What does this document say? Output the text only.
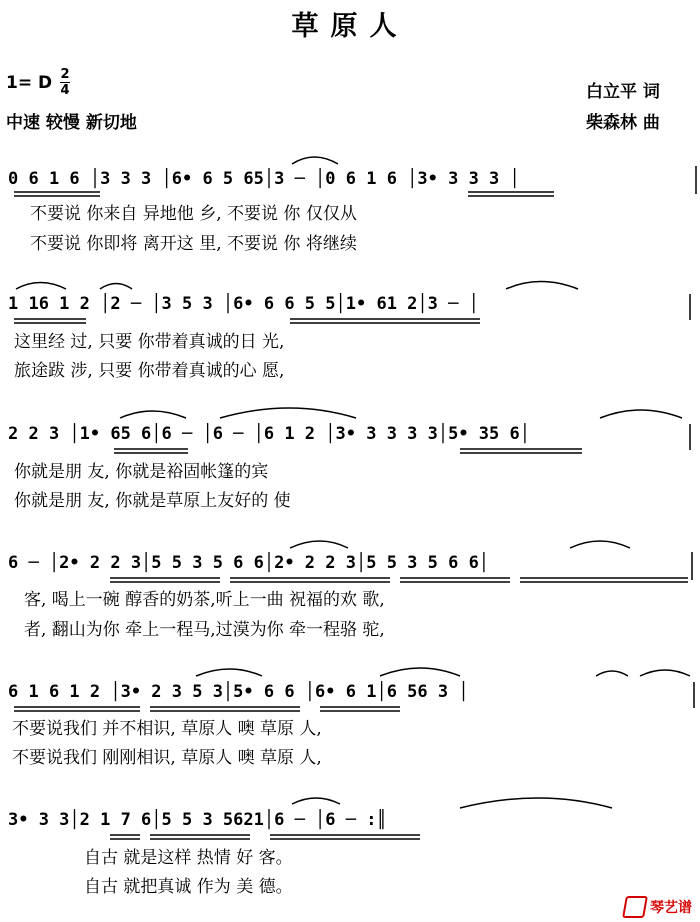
草原人
1= D 2
4
中速 较慢 新切地
白立平 词
柴森林 曲
0 6 1 6 │3 3 3 │6• 6 5 65│3 ─ │0 6 1 6 │3• 3 3 3 │
不要说 你来自 异地他 乡, 不要说 你 仅仅从
不要说 你即将 离开这 里, 不要说 你 将继续
1 16 1 2 │2 ─ │3 5 3 │6• 6 6 5 5│1• 61 2│3 ─ │
这里经 过, 只要 你带着真诚的日 光,
旅途跋 涉, 只要 你带着真诚的心 愿,
2 2 3 │1• 65 6│6 ─ │6 ─ │6 1 2 │3• 3 3 3 3│5• 35 6│
你就是朋 友, 你就是裕固帐篷的宾
你就是朋 友, 你就是草原上友好的 使
6 ─ │2• 2 2 3│5 5 3 5 6 6│2• 2 2 3│5 5 3 5 6 6│
客, 喝上一碗 醇香的奶茶,听上一曲 祝福的欢 歌,
者, 翻山为你 牵上一程马,过漠为你 牵一程骆 驼,
6 1 6 1 2 │3• 2 3 5 3│5• 6 6 │6• 6 1│6 56 3 │
不要说我们 并不相识, 草原人 噢 草原 人,
不要说我们 刚刚相识, 草原人 噢 草原 人,
3• 3 3│2 1 7 6│5 5 3 5621│6 ─ │6 ─ :║
自古 就是这样 热情 好 客。
自古 就把真诚 作为 美 德。
琴艺谱
